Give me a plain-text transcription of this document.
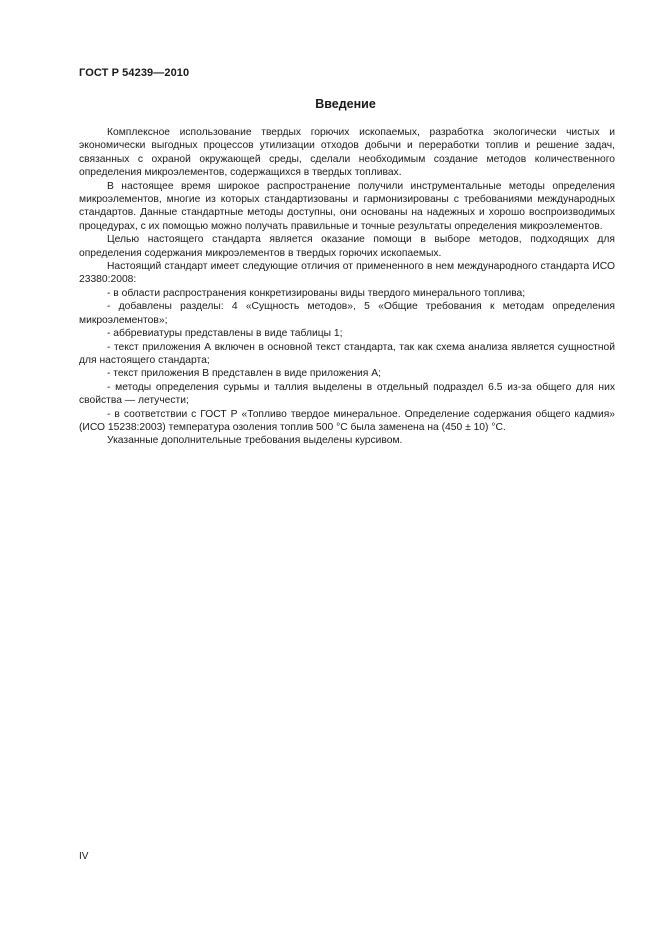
ГОСТ Р 54239—2010
Введение

Комплексное использование твердых горючих ископаемых, разработка экологически чистых и экономически выгодных процессов утилизации отходов добычи и переработки топлив и решение задач, связанных с охраной окружающей среды, сделали необходимым создание методов количественного определения микроэлементов, содержащихся в твердых топливах.

В настоящее время широкое распространение получили инструментальные методы определения микроэлементов, многие из которых стандартизованы и гармонизированы с требованиями международных стандартов. Данные стандартные методы доступны, они основаны на надежных и хорошо воспроизводимых процедурах, с их помощью можно получать правильные и точные результаты определения микроэлементов.

Целью настоящего стандарта является оказание помощи в выборе методов, подходящих для определения содержания микроэлементов в твердых горючих ископаемых.

Настоящий стандарт имеет следующие отличия от примененного в нем международного стандарта ИСО 23380:2008:

- в области распространения конкретизированы виды твердого минерального топлива;

- добавлены разделы: 4 «Сущность методов», 5 «Общие требования к методам определения микроэлементов»;

- аббревиатуры представлены в виде таблицы 1;

- текст приложения А включен в основной текст стандарта, так как схема анализа является сущностной для настоящего стандарта;

- текст приложения В представлен в виде приложения А;

- методы определения сурьмы и таллия выделены в отдельный подраздел 6.5 из-за общего для них свойства — летучести;

- в соответствии с ГОСТ Р «Топливо твердое минеральное. Определение содержания общего кадмия» (ИСО 15238:2003) температура озоления топлив 500 °С была заменена на (450 ± 10) °С.

Указанные дополнительные требования выделены курсивом.

IV
